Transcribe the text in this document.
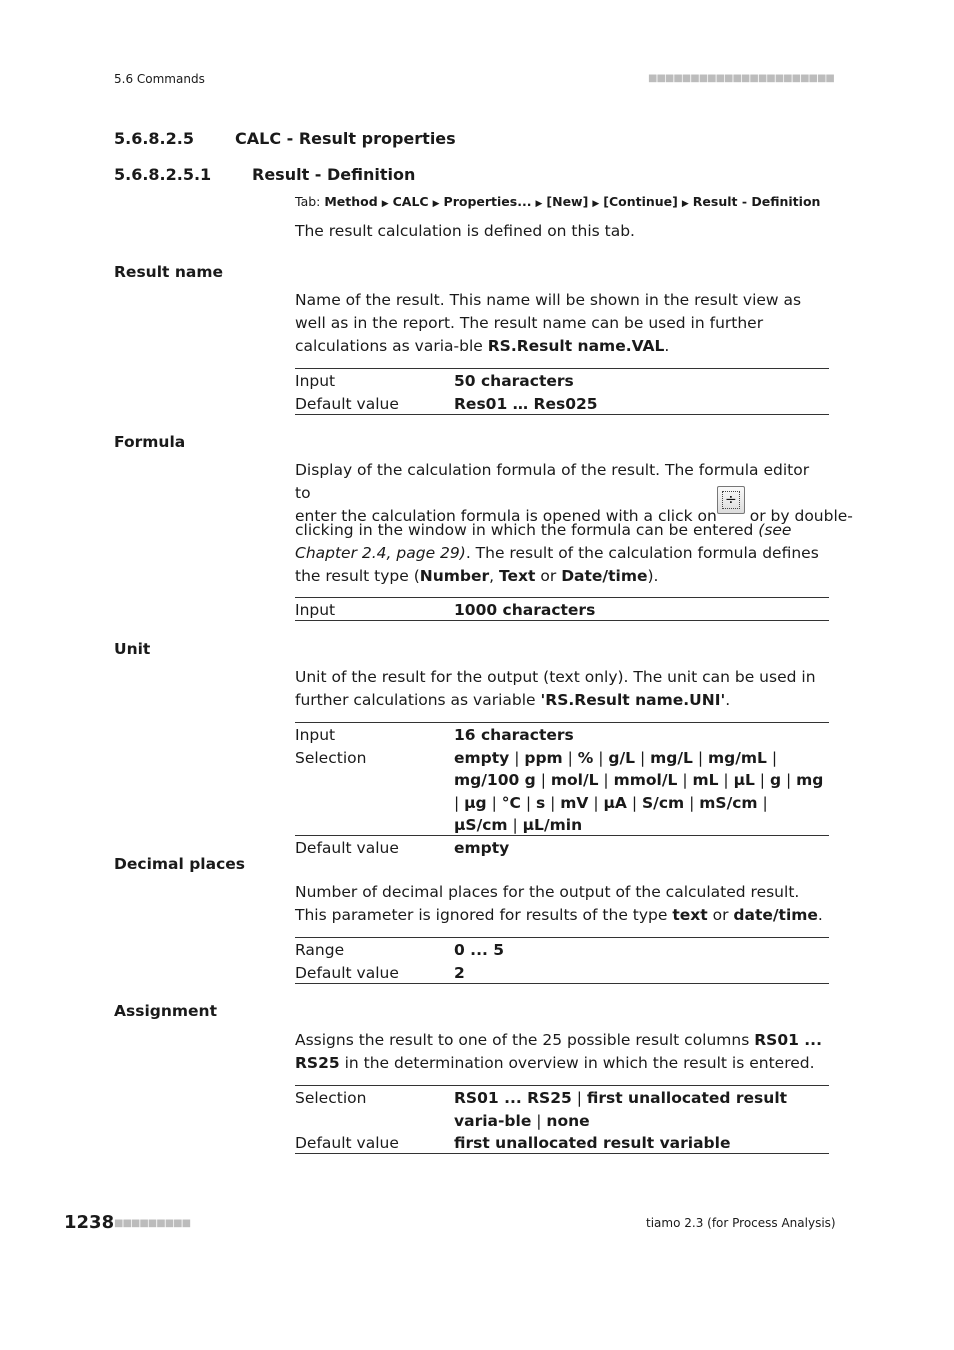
5.6 Commands	■■■■■■■■■■■■■■■■■■■■■■
5.6.8.2.5	CALC - Result properties
5.6.8.2.5.1	Result - Definition
Tab: Method ▶ CALC ▶ Properties... ▶ [New] ▶ [Continue] ▶ Result - Definition
The result calculation is defined on this tab.
Result name
Name of the result. This name will be shown in the result view as well as in the report. The result name can be used in further calculations as varia-ble RS.Result name.VAL.
Input	50 characters
Default value	Res01 … Res025
Formula
Display of the calculation formula of the result. The formula editor to
enter the calculation formula is opened with a click on
÷
or by double-
clicking in the window in which the formula can be entered (see Chapter 2.4, page 29). The result of the calculation formula defines the result type (Number, Text or Date/time).
Input	1000 characters
Unit
Unit of the result for the output (text only). The unit can be used in further calculations as variable 'RS.Result name.UNI'.
Input	16 characters
Selection	empty | ppm | % | g/L | mg/L | mg/mL | mg/100 g | mol/L | mmol/L | mL | µL | g | mg | µg | °C | s | mV | µA | S/cm | mS/cm | µS/cm | µL/min
Default value	empty
Decimal places
Number of decimal places for the output of the calculated result. This parameter is ignored for results of the type text or date/time.
Range	0 ... 5
Default value	2
Assignment
Assigns the result to one of the 25 possible result columns RS01 ... RS25 in the determination overview in which the result is entered.
Selection	RS01 ... RS25 | first unallocated result varia-ble | none
Default value	first unallocated result variable
1238 ■■■■■■■■■	tiamo 2.3 (for Process Analysis)
